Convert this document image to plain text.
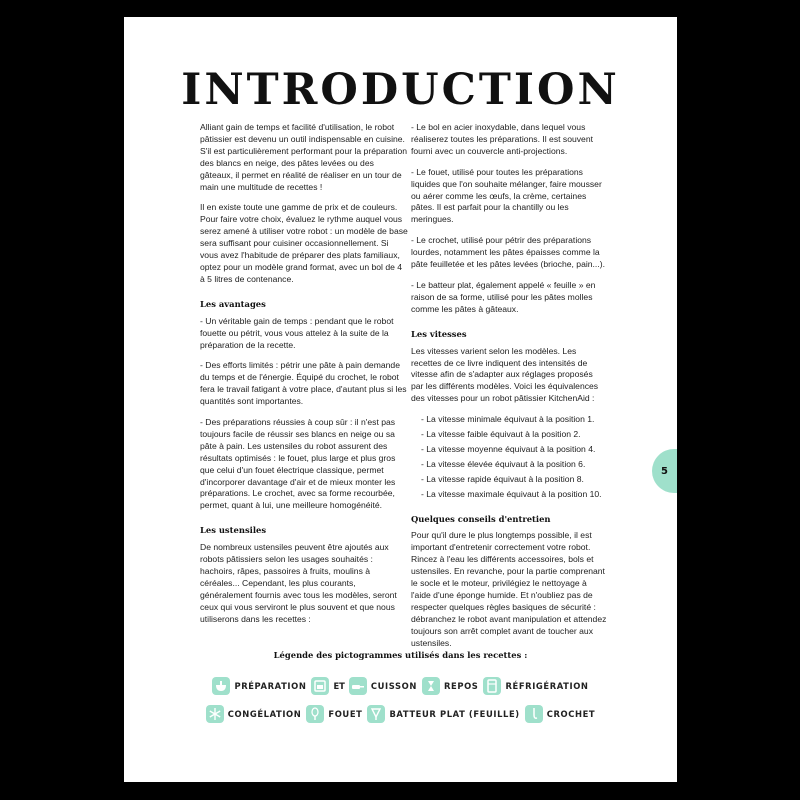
INTRODUCTION

Alliant gain de temps et facilité d'utilisation, le robot pâtissier est devenu un outil indispensable en cuisine. S'il est particulièrement performant pour la préparation des blancs en neige, des pâtes levées ou des gâteaux, il permet en réalité de réaliser en un tour de main une multitude de recettes !

Il en existe toute une gamme de prix et de couleurs. Pour faire votre choix, évaluez le rythme auquel vous serez amené à utiliser votre robot : un modèle de base sera suffisant pour cuisiner occasionnellement. Si vous avez l'habitude de préparer des plats familiaux, optez pour un modèle grand format, avec un bol de 4 à 5 litres de contenance.

Les avantages

- Un véritable gain de temps : pendant que le robot fouette ou pétrit, vous vous attelez à la suite de la préparation de la recette.

- Des efforts limités : pétrir une pâte à pain demande du temps et de l'énergie. Équipé du crochet, le robot fera le travail fatigant à votre place, d'autant plus si les quantités sont importantes.

- Des préparations réussies à coup sûr : il n'est pas toujours facile de réussir ses blancs en neige ou sa pâte à pain. Les ustensiles du robot assurent des résultats optimisés : le fouet, plus large et plus gros que celui d'un fouet électrique classique, permet d'incorporer davantage d'air et de mieux monter les préparations. Le crochet, avec sa forme recourbée, permet, quant à lui, une meilleure homogénéité.

Les ustensiles

De nombreux ustensiles peuvent être ajoutés aux robots pâtissiers selon les usages souhaités : hachoirs, râpes, passoires à fruits, moulins à céréales... Cependant, les plus courants, généralement fournis avec tous les modèles, seront ceux qui vous serviront le plus souvent et que nous utiliserons dans les recettes :

- Le bol en acier inoxydable, dans lequel vous réaliserez toutes les préparations. Il est souvent fourni avec un couvercle anti-projections.

- Le fouet, utilisé pour toutes les préparations liquides que l'on souhaite mélanger, faire mousser ou aérer comme les œufs, la crème, certaines pâtes. Il est parfait pour la chantilly ou les meringues.

- Le crochet, utilisé pour pétrir des préparations lourdes, notamment les pâtes épaisses comme la pâte feuilletée et les pâtes levées (brioche, pain...).

- Le batteur plat, également appelé « feuille » en raison de sa forme, utilisé pour les pâtes molles comme les pâtes à gâteaux.

Les vitesses

Les vitesses varient selon les modèles. Les recettes de ce livre indiquent des intensités de vitesse afin de s'adapter aux réglages proposés par les différents modèles. Voici les équivalences des vitesses pour un robot pâtissier KitchenAid :

- La vitesse minimale équivaut à la position 1.
- La vitesse faible équivaut à la position 2.
- La vitesse moyenne équivaut à la position 4.
- La vitesse élevée équivaut à la position 6.
- La vitesse rapide équivaut à la position 8.
- La vitesse maximale équivaut à la position 10.
Quelques conseils d'entretien

Pour qu'il dure le plus longtemps possible, il est important d'entretenir correctement votre robot. Rincez à l'eau les différents accessoires, bols et ustensiles. En revanche, pour la partie comprenant le socle et le moteur, privilégiez le nettoyage à l'aide d'une éponge humide. Et n'oubliez pas de respecter quelques règles basiques de sécurité : débranchez le robot avant manipulation et attendez toujours son arrêt complet avant de toucher aux ustensiles.

5
Légende des pictogrammes utilisés dans les recettes :
PRÉPARATION	ET	CUISSON	REPOS	RÉFRIGÉRATION
CONGÉLATION	FOUET	BATTEUR PLAT (FEUILLE)	CROCHET
